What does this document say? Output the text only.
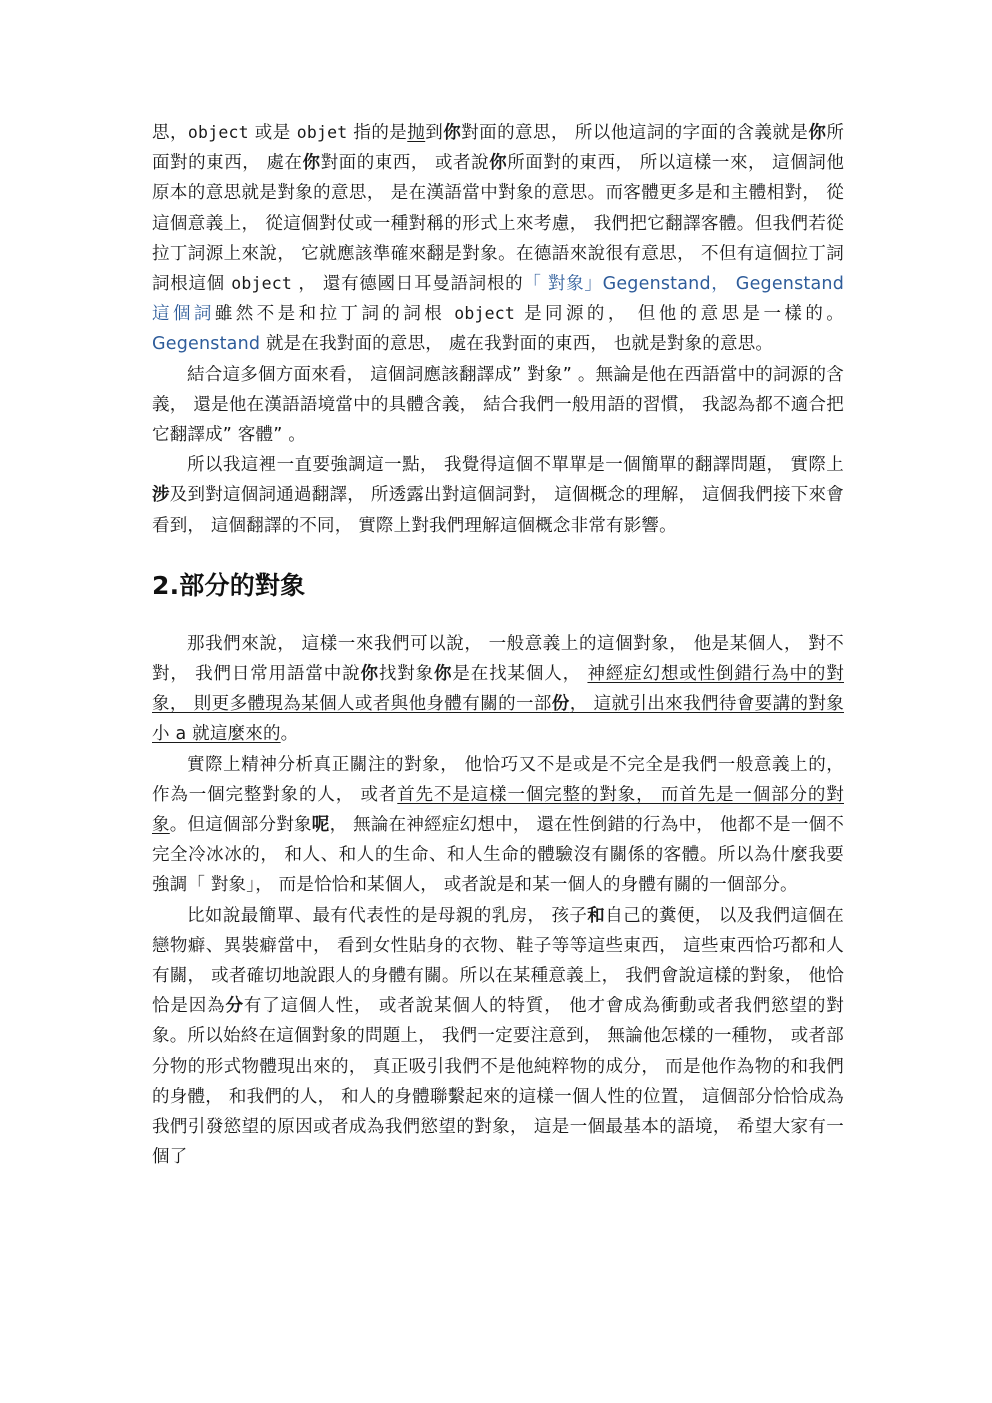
思，object 或是 objet 指的是抛到你對面的意思， 所以他這詞的字面的含義就是你所面對的東西， 處在你對面的東西， 或者說你所面對的東西， 所以這樣一來， 這個詞他原本的意思就是對象的意思， 是在漢語當中對象的意思。而客體更多是和主體相對， 從這個意義上， 從這個對仗或一種對稱的形式上來考慮， 我們把它翻譯客體。但我們若從拉丁詞源上來說， 它就應該準確來翻是對象。在德語來說很有意思， 不但有這個拉丁詞詞根這個 object ， 還有德國日耳曼語詞根的「 對象」Gegenstand， Gegenstand 這個詞雖然不是和拉丁詞的詞根 object 是同源的， 但他的意思是一樣的。Gegenstand 就是在我對面的意思， 處在我對面的東西， 也就是對象的意思。

結合這多個方面來看， 這個詞應該翻譯成” 對象” 。無論是他在西語當中的詞源的含義， 還是他在漢語語境當中的具體含義， 結合我們一般用語的習慣， 我認為都不適合把它翻譯成” 客體” 。

所以我這裡一直要強調這一點， 我覺得這個不單單是一個簡單的翻譯問題， 實際上涉及到對這個詞通過翻譯， 所透露出對這個詞對， 這個概念的理解， 這個我們接下來會看到， 這個翻譯的不同， 實際上對我們理解這個概念非常有影響。

2.部分的對象

那我們來說， 這樣一來我們可以說， 一般意義上的這個對象， 他是某個人， 對不對， 我們日常用語當中說你找對象你是在找某個人， 神經症幻想或性倒錯行為中的對象， 則更多體現為某個人或者與他身體有關的一部份， 這就引出來我們待會要講的對象小 a 就這麼來的。

實際上精神分析真正關注的對象， 他恰巧又不是或是不完全是我們一般意義上的， 作為一個完整對象的人， 或者首先不是這樣一個完整的對象， 而首先是一個部分的對象。但這個部分對象呢， 無論在神經症幻想中， 還在性倒錯的行為中， 他都不是一個不完全冷冰冰的， 和人、和人的生命、和人生命的體驗沒有關係的客體。所以為什麼我要強調「 對象」， 而是恰恰和某個人， 或者說是和某一個人的身體有關的一個部分。

比如說最簡單、最有代表性的是母親的乳房， 孩子和自己的糞便， 以及我們這個在戀物癖、異裝癖當中， 看到女性貼身的衣物、鞋子等等這些東西， 這些東西恰巧都和人有關， 或者確切地說跟人的身體有關。所以在某種意義上， 我們會說這樣的對象， 他恰恰是因為分有了這個人性， 或者說某個人的特質， 他才會成為衝動或者我們慾望的對象。所以始終在這個對象的問題上， 我們一定要注意到， 無論他怎樣的一種物， 或者部分物的形式物體現出來的， 真正吸引我們不是他純粹物的成分， 而是他作為物的和我們的身體， 和我們的人， 和人的身體聯繫起來的這樣一個人性的位置， 這個部分恰恰成為我們引發慾望的原因或者成為我們慾望的對象， 這是一個最基本的語境， 希望大家有一個了
